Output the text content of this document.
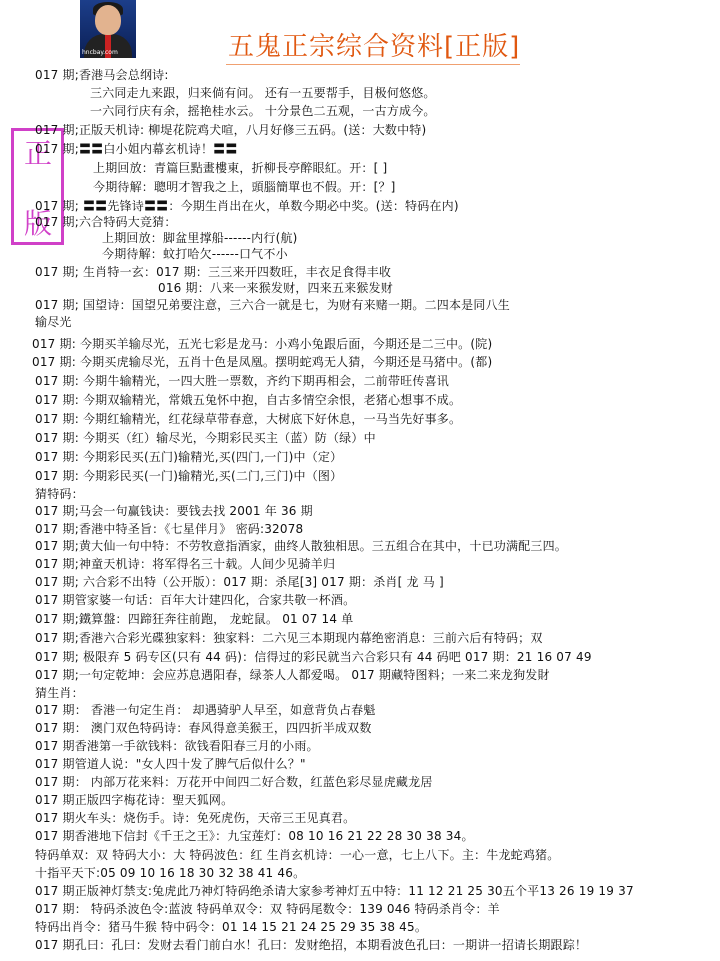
hncbay.com	五鬼正宗综合资料[正版]
正
版
017 期;香港马会总纲诗:
三六同走九来跟，归来倘有问。 还有一五要帮手，目极何悠悠。
一六同行庆有余，摇艳桂水云。 十分景色二五观，一古方成今。
017 期;正版天机诗: 柳堤花院鸡犬喧，八月好修三五码。(送：大数中特)
017 期;〓〓白小姐内幕玄机诗！〓〓
上期回放：青篇巨點畫樓東，折柳長亭醉眼紅。开：[ ]
今期待解：聰明才智我之上，頭腦簡單也不假。开：[？]
017 期; 〓〓先锋诗〓〓：今期生肖出在火，单数今期必中奖。(送：特码在内)
017 期;六合特码大竞猜：
上期回放：脚盆里撑船------内行(航)
今期待解：蚊打哈欠------口气不小
017 期; 生肖特一玄：017 期：三三来开四数旺，丰衣足食得丰收
016 期：八来一来猴发财，四来五来猴发财
017 期; 国望诗：国望兄弟要注意，三六合一就是七，为财有来赌一期。二四本是同八生
输尽光
017 期: 今期买羊输尽光，五光七彩是龙马：小鸡小兔跟后面，今期还是二三中。(院)
017 期: 今期买虎输尽光，五肖十色是凤凰。摆明蛇鸡无人猜，今期还是马猪中。(都)
017 期: 今期牛输精光，一四大胜一票数，齐约下期再相会，二前带旺传喜讯
017 期: 今期双输精光，常娥五兔怀中抱，自古多情空余恨，老猪心想事不成。
017 期: 今期红输精光，红花绿草带春意，大树底下好休息，一马当先好事多。
017 期: 今期买（红）输尽光，今期彩民买主（蓝）防（绿）中
017 期: 今期彩民买(五门)输精光,买(四门,一门)中（定）
017 期: 今期彩民买(一门)输精光,买(二门,三门)中（图）
猜特码：
017 期;马会一句赢钱诀：要钱去找 2001 年 36 期
017 期;香港中特圣旨：《七星伴月》 密码:32078
017 期;黄大仙一句中特：不劳牧意指酒家，曲终人散独相思。三五组合在其中，十已功满配三四。
017 期;神童天机诗：将军得名三十载。人间少见骑羊归
017 期; 六合彩不出特（公开版）：017 期：杀尾[3] 017 期：杀肖[ 龙 马 ]
017 期管家婆一句话：百年大计建四化，合家共敬一杯酒。
017 期;鐵算盤：四蹄狂奔往前跑， 龙蛇鼠。 01 07 14 单
017 期;香港六合彩光碟独家料：独家料：二六见三本期现内幕绝密消息：三前六后有特码；双
017 期; 极限弃 5 码专区(只有 44 码)：信得过的彩民就当六合彩只有 44 码吧 017 期：21 16 07 49
017 期;一句定乾坤：会应苏息遇阳春，绿茶人人都爱喝。 017 期藏特图料；一来二来龙狗发財
猜生肖：
017 期： 香港一句定生肖： 却遇骑驴人早至，如意背负占春魁
017 期： 澳门双色特码诗：春风得意美猴王，四四折半成双数
017 期香港第一手欲钱料：欲钱看阳春三月的小雨。
017 期管道人说："女人四十发了脾气后似什么？"
017 期： 内部万花来料：万花开中间四二好合数，红蓝色彩尽显虎藏龙居
017 期正版四字梅花诗：聖天狐网。
017 期火车头：烧伤手。诗：免死虎伤，天帝三王见真君。
017 期香港地下信封《千王之王》：九宝莲灯：08 10 16 21 22 28 30 38 34。
特码单双：双 特码大小：大 特码波色：红 生肖玄机诗：一心一意，七上八下。主：牛龙蛇鸡猪。
十指平天下:05 09 10 16 18 30 32 38 41 46。
017 期正版神灯禁支:兔虎此乃神灯特码绝杀请大家参考神灯五中特：11 12 21 25 30五个平13 26 19 19 37
017 期： 特码杀波色令:蓝波 特码单双令：双 特码尾数令：139 046 特码杀肖令：羊
特码出肖令：猪马牛猴 特中码令：01 14 15 21 24 25 29 35 38 45。
017 期孔曰：孔曰：发财去看门前白水！孔曰：发财绝招，本期看波色孔曰：一期讲一招请长期跟踪！
